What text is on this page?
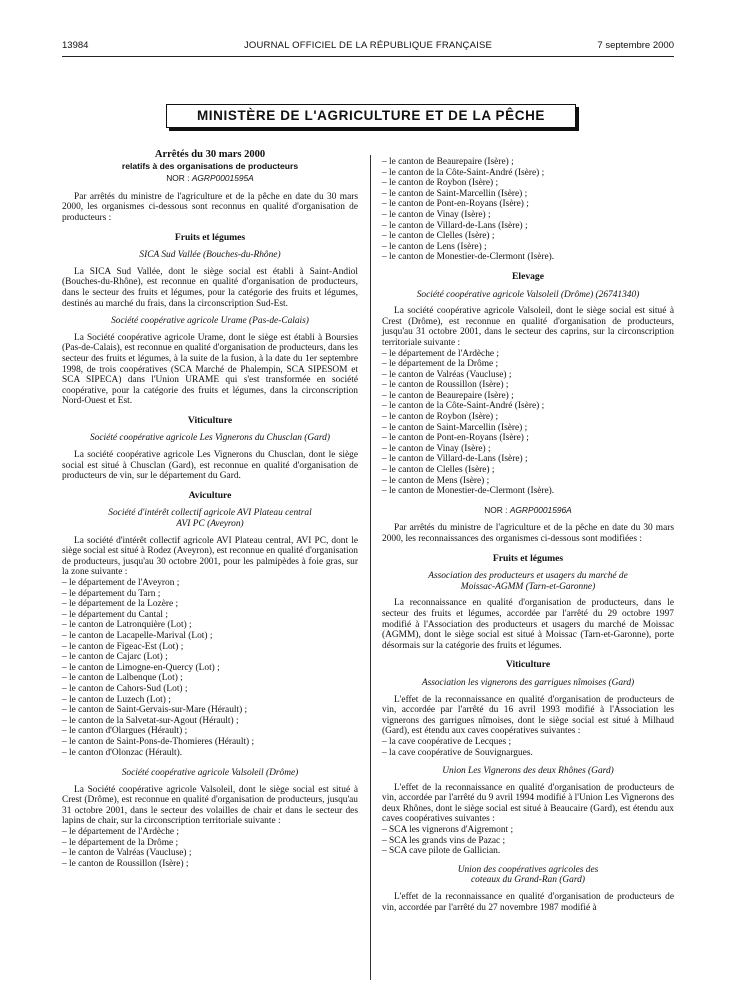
13984	JOURNAL OFFICIEL DE LA RÉPUBLIQUE FRANÇAISE	7 septembre 2000
MINISTÈRE DE L'AGRICULTURE ET DE LA PÊCHE

Arrêtés du 30 mars 2000

relatifs à des organisations de producteurs

NOR : AGRP0001595A

Par arrêtés du ministre de l'agriculture et de la pêche en date du 30 mars 2000, les organismes ci-dessous sont reconnus en qualité d'organisation de producteurs :

Fruits et légumes

SICA Sud Vallée (Bouches-du-Rhône)

La SICA Sud Vallée, dont le siège social est établi à Saint-Andiol (Bouches-du-Rhône), est reconnue en qualité d'organisation de producteurs, dans le secteur des fruits et légumes, pour la catégorie des fruits et légumes, destinés au marché du frais, dans la circonscription Sud-Est.

Société coopérative agricole Urame (Pas-de-Calais)

La Société coopérative agricole Urame, dont le siège est établi à Boursies (Pas-de-Calais), est reconnue en qualité d'organisation de producteurs, dans les secteur des fruits et légumes, à la suite de la fusion, à la date du 1er septembre 1998, de trois coopératives (SCA Marché de Phalempin, SCA SIPESOM et SCA SIPECA) dans l'Union URAME qui s'est transformée en société coopérative, pour la catégorie des fruits et légumes, dans la circonscription Nord-Ouest et Est.

Viticulture

Société coopérative agricole Les Vignerons du Chusclan (Gard)

La société coopérative agricole Les Vignerons du Chusclan, dont le siège social est situé à Chusclan (Gard), est reconnue en qualité d'organisation de producteurs de vin, sur le département du Gard.

Aviculture

Société d'intérêt collectif agricole AVI Plateau central AVI PC (Aveyron)

La société d'intérêt collectif agricole AVI Plateau central, AVI PC, dont le siège social est situé à Rodez (Aveyron), est reconnue en qualité d'organisation de producteurs, jusqu'au 30 octobre 2001, pour les palmipèdes à foie gras, sur la zone suivante :

– le département de l'Aveyron ;

– le département du Tarn ;

– le département de la Lozère ;

– le département du Cantal ;

– le canton de Latronquière (Lot) ;

– le canton de Lacapelle-Marival (Lot) ;

– le canton de Figeac-Est (Lot) ;

– le canton de Cajarc (Lot) ;

– le canton de Limogne-en-Quercy (Lot) ;

– le canton de Lalbenque (Lot) ;

– le canton de Cahors-Sud (Lot) ;

– le canton de Luzech (Lot) ;

– le canton de Saint-Gervais-sur-Mare (Hérault) ;

– le canton de la Salvetat-sur-Agout (Hérault) ;

– le canton d'Olargues (Hérault) ;

– le canton de Saint-Pons-de-Thomieres (Hérault) ;

– le canton d'Olonzac (Hérault).

Société coopérative agricole Valsoleil (Drôme)

La Société coopérative agricole Valsoleil, dont le siège social est situé à Crest (Drôme), est reconnue en qualité d'organisation de producteurs, jusqu'au 31 octobre 2001, dans le secteur des volailles de chair et dans le secteur des lapins de chair, sur la circonscription territoriale suivante :

– le département de l'Ardèche ;

– le département de la Drôme ;

– le canton de Valréas (Vaucluse) ;

– le canton de Roussillon (Isère) ;

– le canton de Beaurepaire (Isère) ;

– le canton de la Côte-Saint-André (Isère) ;

– le canton de Roybon (Isère) ;

– le canton de Saint-Marcellin (Isère) ;

– le canton de Pont-en-Royans (Isère) ;

– le canton de Vinay (Isère) ;

– le canton de Villard-de-Lans (Isère) ;

– le canton de Clelles (Isère) ;

– le canton de Lens (Isère) ;

– le canton de Monestier-de-Clermont (Isère).

Elevage

Société coopérative agricole Valsoleil (Drôme) (26741340)

La société coopérative agricole Valsoleil, dont le siège social est situé à Crest (Drôme), est reconnue en qualité d'organisation de producteurs, jusqu'au 31 octobre 2001, dans le secteur des caprins, sur la circonscription territoriale suivante :

– le département de l'Ardèche ;

– le département de la Drôme ;

– le canton de Valréas (Vaucluse) ;

– le canton de Roussillon (Isère) ;

– le canton de Beaurepaire (Isère) ;

– le canton de la Côte-Saint-André (Isère) ;

– le canton de Roybon (Isère) ;

– le canton de Saint-Marcellin (Isère) ;

– le canton de Pont-en-Royans (Isère) ;

– le canton de Vinay (Isère) ;

– le canton de Villard-de-Lans (Isère) ;

– le canton de Clelles (Isère) ;

– le canton de Mens (Isère) ;

– le canton de Monestier-de-Clermont (Isère).

NOR : AGRP0001596A

Par arrêtés du ministre de l'agriculture et de la pêche en date du 30 mars 2000, les reconnaissances des organismes ci-dessous sont modifiées :

Fruits et légumes

Association des producteurs et usagers du marché de Moissac-AGMM (Tarn-et-Garonne)

La reconnaissance en qualité d'organisation de producteurs, dans le secteur des fruits et légumes, accordée par l'arrêté du 29 octobre 1997 modifié à l'Association des producteurs et usagers du marché de Moissac (AGMM), dont le siège social est situé à Moissac (Tarn-et-Garonne), porte désormais sur la catégorie des fruits et légumes.

Viticulture

Association les vignerons des garrigues nîmoises (Gard)

L'effet de la reconnaissance en qualité d'organisation de producteurs de vin, accordée par l'arrêté du 16 avril 1993 modifié à l'Association les vignerons des garrigues nîmoises, dont le siège social est situé à Milhaud (Gard), est étendu aux caves coopératives suivantes :

– la cave coopérative de Lecques ;

– la cave coopérative de Souvignargues.

Union Les Vignerons des deux Rhônes (Gard)

L'effet de la reconnaissance en qualité d'organisation de producteurs de vin, accordée par l'arrêté du 9 avril 1994 modifié à l'Union Les Vignerons des deux Rhônes, dont le siège social est situé à Beaucaire (Gard), est étendu aux caves coopératives suivantes :

– SCA les vignerons d'Aigremont ;

– SCA les grands vins de Pazac ;

– SCA cave pilote de Gallician.

Union des coopératives agricoles des coteaux du Grand-Ran (Gard)

L'effet de la reconnaissance en qualité d'organisation de producteurs de vin, accordée par l'arrêté du 27 novembre 1987 modifié à
